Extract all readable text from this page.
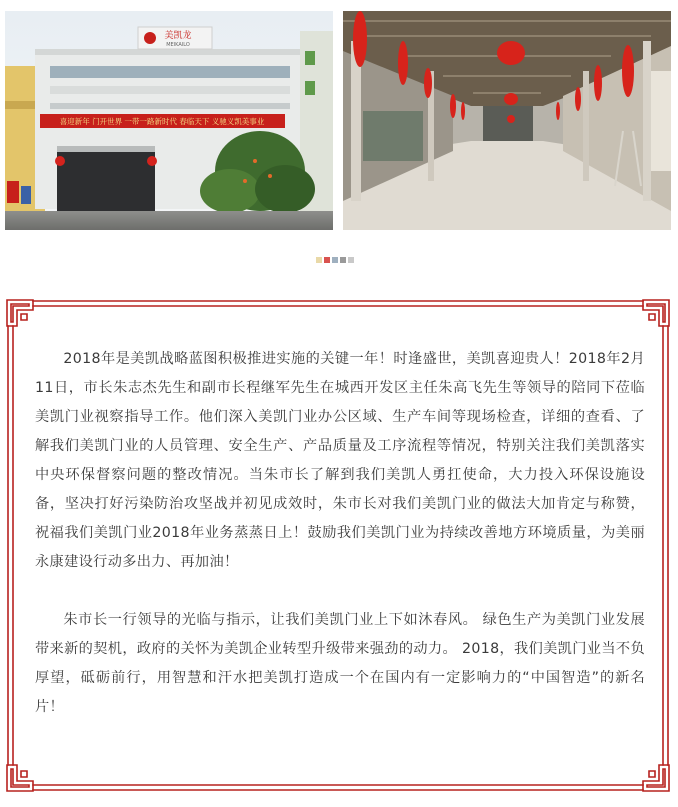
喜迎新年 门开世界 一带一路新时代 春临天下 义驰义凯美事业
美凯龙
MEIKAILO

2018年是美凯战略蓝图积极推进实施的关键一年！时逢盛世，美凯喜迎贵人！2018年2月11日，市长朱志杰先生和副市长程继军先生在城西开发区主任朱高飞先生等领导的陪同下莅临美凯门业视察指导工作。他们深入美凯门业办公区域、生产车间等现场检查，详细的查看、了解我们美凯门业的人员管理、安全生产、产品质量及工序流程等情况，特别关注我们美凯落实中央环保督察问题的整改情况。当朱市长了解到我们美凯人勇扛使命，大力投入环保设施设备，坚决打好污染防治攻坚战并初见成效时，朱市长对我们美凯门业的做法大加肯定与称赞，祝福我们美凯门业2018年业务蒸蒸日上！鼓励我们美凯门业为持续改善地方环境质量，为美丽永康建设行动多出力、再加油！

朱市长一行领导的光临与指示，让我们美凯门业上下如沐春风。 绿色生产为美凯门业发展带来新的契机，政府的关怀为美凯企业转型升级带来强劲的动力。 2018，我们美凯门业当不负厚望，砥砺前行，用智慧和汗水把美凯打造成一个在国内有一定影响力的“中国智造”的新名片！
